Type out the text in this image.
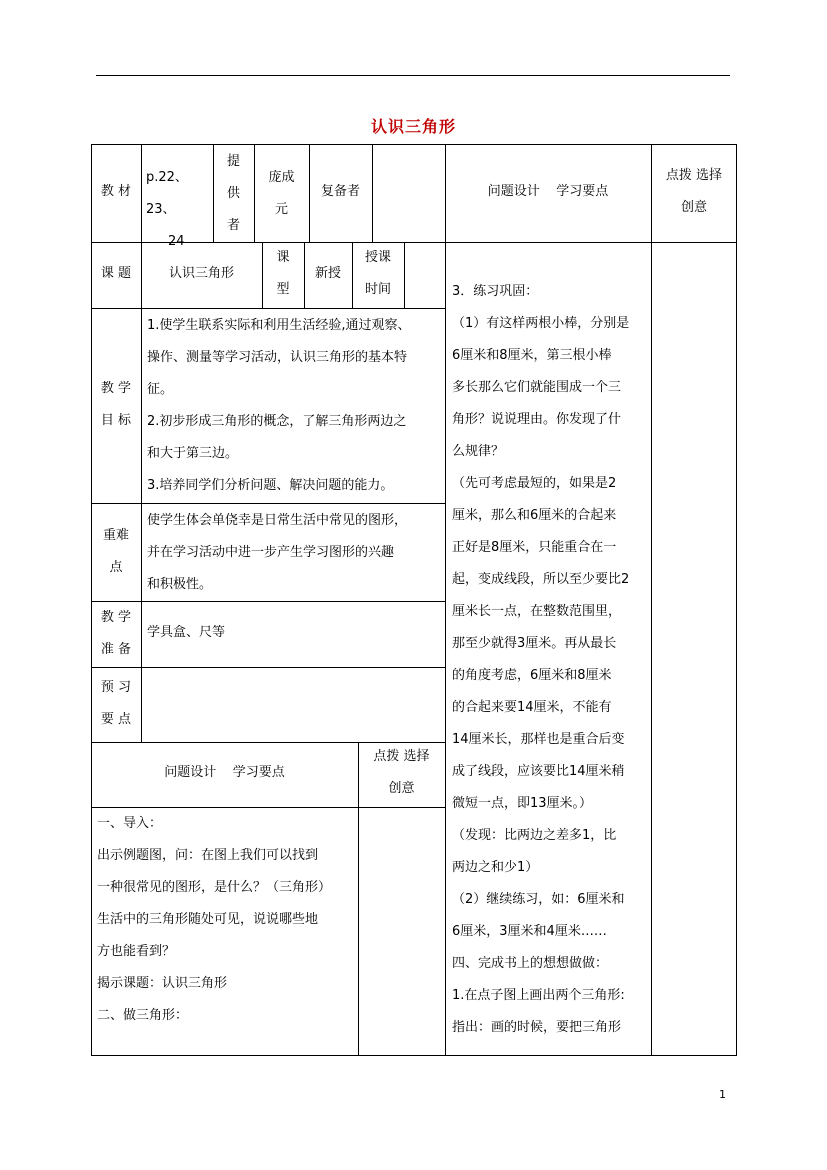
认识三角形
教 材
p.22、23、
24
提
供
者
庞成
元
复备者	问题设计    学习要点
点拨 选择
创意
课 题	认识三角形
课
型
新授
授课
时间
教 学
目 标
1.使学生联系实际和利用生活经验,通过观察、
操作、测量等学习活动，认识三角形的基本特
征。
2.初步形成三角形的概念，了解三角形两边之
和大于第三边。
3.培养同学们分析问题、解决问题的能力。
重难
点
使学生体会单侥幸是日常生活中常见的图形，
并在学习活动中进一步产生学习图形的兴趣
和积极性。
教 学
准 备
学具盒、尺等
预 习
要 点
问题设计    学习要点
点拨 选择
创意
一、导入：
出示例题图，问：在图上我们可以找到
一种很常见的图形，是什么？（三角形）
生活中的三角形随处可见，说说哪些地
方也能看到？
揭示课题：认识三角形
二、做三角形：
3．练习巩固：
（1）有这样两根小棒，分别是
6厘米和8厘米，第三根小棒
多长那么它们就能围成一个三
角形？说说理由。你发现了什
么规律？
（先可考虑最短的，如果是2
厘米，那么和6厘米的合起来
正好是8厘米，只能重合在一
起，变成线段，所以至少要比2
厘米长一点，在整数范围里，
那至少就得3厘米。再从最长
的角度考虑，6厘米和8厘米
的合起来要14厘米，不能有
14厘米长，那样也是重合后变
成了线段，应该要比14厘米稍
微短一点，即13厘米。）
（发现：比两边之差多1，比
两边之和少1）
（2）继续练习，如：6厘米和
6厘米，3厘米和4厘米……
四、完成书上的想想做做：
1.在点子图上画出两个三角形:
指出：画的时候，要把三角形
1
